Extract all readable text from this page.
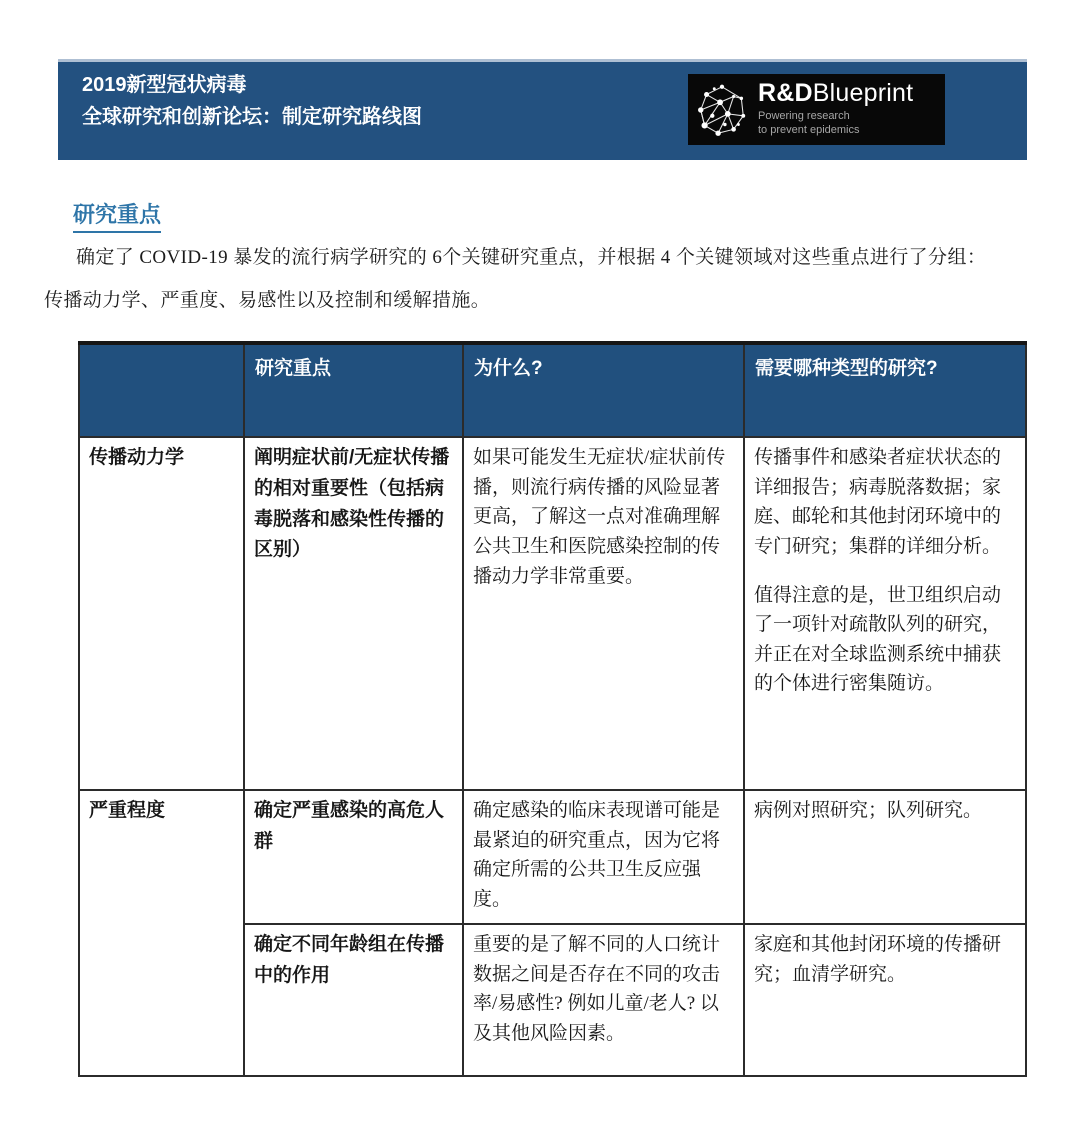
2019新型冠状病毒
全球研究和创新论坛：制定研究路线图
R&DBlueprint
Powering research
to prevent epidemics
研究重点

确定了 COVID-19 暴发的流行病学研究的 6个关键研究重点，并根据 4 个关键领域对这些重点进行了分组：

传播动力学、严重度、易感性以及控制和缓解措施。

	研究重点	为什么?	需要哪种类型的研究?
传播动力学	阐明症状前/无症状传播的相对重要性（包括病毒脱落和感染性传播的区别）	如果可能发生无症状/症状前传播，则流行病传播的风险显著更高，了解这一点对准确理解公共卫生和医院感染控制的传播动力学非常重要。	传播事件和感染者症状状态的详细报告；病毒脱落数据；家庭、邮轮和其他封闭环境中的专门研究；集群的详细分析。

值得注意的是，世卫组织启动了一项针对疏散队列的研究，并正在对全球监测系统中捕获的个体进行密集随访。

严重程度	确定严重感染的高危人群	确定感染的临床表现谱可能是最紧迫的研究重点，因为它将确定所需的公共卫生反应强度。	病例对照研究；队列研究。

	确定不同年龄组在传播中的作用	重要的是了解不同的人口统计数据之间是否存在不同的攻击率/易感性? 例如儿童/老人? 以及其他风险因素。	家庭和其他封闭环境的传播研究；血清学研究。
